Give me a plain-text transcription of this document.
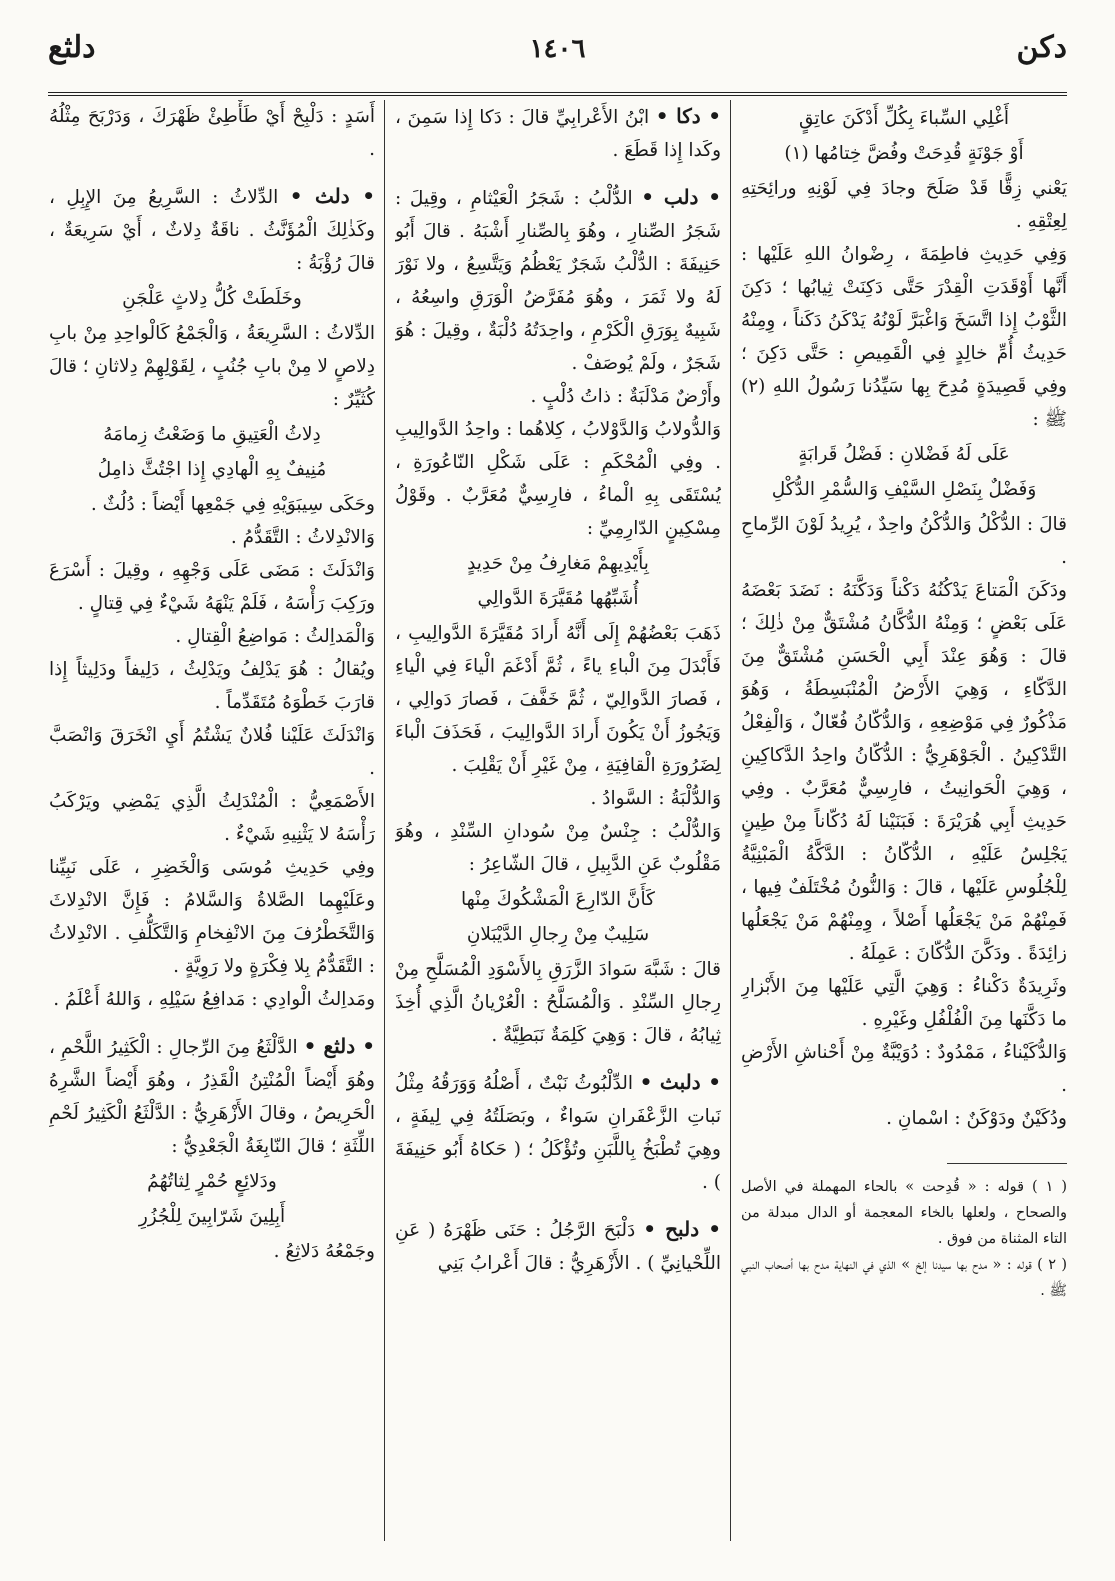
دكن
١٤٠٦
دلثع

أَغْلِي السِّباءَ بِكُلِّ أَدْكَنَ عاتِقٍ

أَوْ جَوْنَةٍ قُدِحَتْ وفُضَّ خِتامُها (١)

يَعْني زِقًّا قَدْ صَلَحَ وجادَ فِي لَوْنِهِ ورائِحَتِهِ لِعِتْقِهِ .

وَفِي حَدِيثِ فاطِمَةَ ، رِضْوانُ اللهِ عَلَيْها : أَنَّها أَوْقَدَتِ الْقِدْرَ حَتَّى دَكِنَتْ ثِيابُها ؛ دَكِنَ الثَّوْبُ إِذا اتَّسَخَ وَاغْبَرَّ لَوْنُهُ يَدْكَنُ دَكَناً ، وِمِنْهُ حَدِيثُ أُمِّ خالِدٍ فِي الْقَمِيصِ : حَتَّى دَكِنَ ؛ وفِي قَصِيدَةٍ مُدِحَ بِها سَيِّدُنا رَسُولُ اللهِ (٢) ﷺ :

عَلَى لَهُ فَضْلانِ : فَضْلُ قَرابَةٍ

وَفَضْلٌ بِنَصْلِ السَّيْفِ وَالسُّمْرِ الدُّكْلِ

قالَ : الدُّكْلُ وَالدُّكْنُ واحِدٌ ، يُرِيدُ لَوْنَ الرِّماحِ .

ودَكَنَ الْمَتاعَ يَدْكُنُهُ دَكْناً وَدَكَّنَهُ : نَضَدَ بَعْضَهُ عَلَى بَعْضٍ ؛ وَمِنْهُ الدُّكَّانُ مُشْتَقٌّ مِنْ ذٰلِكَ ؛ قالَ : وَهُوَ عِنْدَ أَبِي الْحَسَنِ مُشْتَقٌّ مِنَ الدَّكّاءِ ، وَهِيَ الأَرْضُ الْمُنْبَسِطَةُ ، وَهُوَ مَذْكُورٌ فِي مَوْضِعِهِ ، وَالدُّكّانُ فُعّالٌ ، وَالْفِعْلُ التَّدْكِينُ . الْجَوْهَرِيُّ : الدُّكّانُ واحِدُ الدَّكاكِينِ ، وَهِيَ الْحَوانِيتُ ، فارِسِيٌّ مُعَرَّبٌ . وفِي حَدِيثِ أَبِي هُرَيْرَةَ : فَبَنَيْنا لَهُ دُكّاناً مِنْ طِينٍ يَجْلِسُ عَلَيْهِ ، الدُّكّانُ : الدَّكَّةُ الْمَبْنِيَّةُ لِلْجُلُوسِ عَلَيْها ، قالَ : وَالنُّونُ مُخْتَلَفٌ فِيها ، فَمِنْهُمْ مَنْ يَجْعَلُها أَصْلاً ، وِمِنْهُمْ مَنْ يَجْعَلُها زائِدَةً . ودَكَّنَ الدُّكّانَ : عَمِلَهُ .

وثَرِيدَةٌ دَكْناءُ : وَهِيَ الَّتِي عَلَيْها مِنَ الأَبْزارِ ما دَكَّنَها مِنَ الْفُلْفُلِ وغَيْرِهِ .

وَالدُّكَيْناءُ ، مَمْدُودٌ : دُوَيْبَّةٌ مِنْ أَحْناشِ الأَرْضِ .

ودُكَيْنٌ ودَوْكَنٌ : اسْمانِ .

( ١ ) قوله : « قُدِحت » بالحاء المهملة في الأصل والصحاح ، ولعلها بالخاء المعجمة أو الدال مبدلة من التاء المثناة من فوق .

( ٢ ) قوله : « مدح بها سيدنا إلخ » الذي في النهاية مدح بها أصحاب النبي ﷺ .

• دكا • ابْنُ الأَعْرابِيِّ قالَ : دَكا إِذا سَمِنَ ، وكَدا إِذا قَطَعَ .

• دلب • الدُّلْبُ : شَجَرُ الْعَيْثامِ ، وقِيلَ : شَجَرُ الصِّنارِ ، وهُوَ بِالصِّنارِ أَشْبَهُ . قالَ أَبُو حَنِيفَةَ : الدُّلْبُ شَجَرٌ يَعْظُمُ وَيَتَّسِعُ ، ولا نَوْرَ لَهُ ولا ثَمَرَ ، وهُوَ مُفَرَّضُ الْوَرَقِ واسِعُهُ ، شَبِيهٌ بِوَرَقِ الْكَرْمِ ، واحِدَتُهُ دُلْبَةٌ ، وقِيلَ : هُوَ شَجَرٌ ، ولَمْ يُوصَفْ .

وأَرْضٌ مَدْلَبَةٌ : ذاتُ دُلْبٍ .

وَالدُّولابُ وَالدَّوْلابُ ، كِلاهُما : واحِدُ الدَّوالِيبِ . وفِي الْمُحْكَمِ : عَلَى شَكْلِ النّاعُورَةِ ، يُسْتَقَى بِهِ الْماءُ ، فارِسِيٌّ مُعَرَّبٌ . وقَوْلُ مِسْكِينٍ الدّارِمِيِّ :

بِأَيْدِيهِمْ مَغارِفُ مِنْ حَدِيدٍ

أُشَبِّهُها مُقَيَّرَةَ الدَّوالِي

ذَهَبَ بَعْضُهُمْ إِلَى أَنَّهُ أَرادَ مُقَيَّرَةَ الدَّوالِيبِ ، فَأَبْدَلَ مِنَ الْباءِ ياءً ، ثُمَّ أَدْغَمَ الْياءَ فِي الْياءِ ، فَصارَ الدَّوالِيّ ، ثُمَّ خَفَّفَ ، فَصارَ دَوالِي ، وَيَجُوزُ أَنْ يَكُونَ أَرادَ الدَّوالِيبَ ، فَحَذَفَ الْباءَ لِضَرُورَةِ الْقافِيَةِ ، مِنْ غَيْرِ أَنْ يَقْلِبَ .

وَالدُّلْبَةُ : السَّوادُ .

وَالدُّلْبُ : جِنْسٌ مِنْ سُودانِ السِّنْدِ ، وهُوَ مَقْلُوبٌ عَنِ الدَّبِيلِ ، قالَ الشّاعِرُ :

كَأَنَّ الدّارِعَ الْمَشْكُوكَ مِنْها

سَلِيبٌ مِنْ رِجالِ الدَّيْبَلانِ

قالَ : شَبَّهَ سَوادَ الزَّرَقِ بِالأَسْوَدِ الْمُسَلَّحِ مِنْ رِجالِ السِّنْدِ . وَالْمُسَلَّحُ : الْعُرْيانُ الَّذِي أُخِذَ ثِيابُهُ ، قالَ : وَهِيَ كَلِمَةٌ نَبَطِيَّةٌ .

• دلبث • الدِّلْبُوثُ نَبْتٌ ، أَصْلُهُ وَوَرَقُهُ مِثْلُ نَباتِ الزَّعْفَرانِ سَواءٌ ، وبَصَلَتُهُ فِي لِيفَةٍ ، وهِيَ تُطْبَخُ بِاللَّبَنِ وتُؤْكَلُ ؛ ( حَكاهُ أَبُو حَنِيفَةَ ) .

• دلبح • دَلْبَحَ الرَّجُلُ : حَنَى ظَهْرَهُ ( عَنِ اللِّحْيانِيِّ ) . الأَزْهَرِيُّ : قالَ أَعْرابُ بَنِي

أَسَدٍ : دَلْبِحْ أَيْ طَأْطِئْ ظَهْرَكَ ، وَدَرْبَحَ مِثْلُهُ .

• دلث • الدِّلاثُ : السَّرِيعُ مِنَ الإِبِلِ ، وكَذٰلِكَ الْمُؤَنَّثُ . ناقَةٌ دِلاثٌ ، أَيْ سَرِيعَةٌ ، قالَ رُؤْبَةُ :

وخَلَطَتْ كُلُّ دِلاثٍ عَلْجَنِ

الدِّلاثُ : السَّرِيعَةُ ، وَالْجَمْعُ كَالْواحِدِ مِنْ بابِ دِلاصٍ لا مِنْ بابِ جُنُبٍ ، لِقَوْلِهِمْ دِلاثانِ ؛ قالَ كُثَيِّرٌ :

دِلاثُ الْعَتِيقِ ما وَضَعْتُ زِمامَهُ

مُنِيفٌ بِهِ الْهادِي إِذا اجْتُثَّ ذامِلُ

وحَكَى سِيبَوَيْهِ فِي جَمْعِها أَيْضاً : دُلُثٌ .

وَالانْدِلاثُ : التَّقَدُّمُ .

وَانْدَلَثَ : مَضَى عَلَى وَجْهِهِ ، وقِيلَ : أَسْرَعَ ورَكِبَ رَأْسَهُ ، فَلَمْ يَنْهَهُ شَيْءٌ فِي قِتالٍ .

وَالْمَداِلثُ : مَواضِعُ الْقِتالِ .

ويُقالُ : هُوَ يَدْلِفُ ويَدْلِثُ ، دَلِيفاً ودَلِيثاً إِذا قارَبَ خَطْوَهُ مُتَقَدِّماً .

وَانْدَلَثَ عَلَيْنا فُلانٌ يَشْتُمُ أَيِ انْخَرَقَ وَانْصَبَّ .

الأَصْمَعِيُّ : الْمُنْدَلِثُ الَّذِي يَمْضِي ويَرْكَبُ رَأْسَهُ لا يَثْنِيهِ شَيْءٌ .

وفِي حَدِيثِ مُوسَى وَالْخَضِرِ ، عَلَى نَبِيِّنا وعَلَيْهِما الصَّلاةُ وَالسَّلامُ : فَإِنَّ الانْدِلاثَ وَالتَّخَطْرُفَ مِنَ الانْفِخامِ وَالتَّكَلُّفِ . الانْدِلاثُ : التَّقَدُّمُ بِلا فِكْرَةٍ ولا رَوِيَّةٍ .

ومَداِلثُ الْوادِي : مَدافِعُ سَيْلِهِ ، وَاللهُ أَعْلَمُ .

• دلثع • الدَّلْثَعُ مِنَ الرِّجالِ : الْكَثِيرُ اللَّحْمِ ، وهُوَ أَيْضاً الْمُنْتِنُ الْقَذِرُ ، وهُوَ أَيْضاً الشَّرِهُ الْحَرِيصُ ، وقالَ الأَزْهَرِيُّ : الدَّلْثَعُ الْكَثِيرُ لَحْمِ اللِّثَةِ ؛ قالَ النّابِغَةُ الْجَعْدِيُّ :

ودَلائِعٍ حُمْرٍ لِثاتُهُمُ

أَبِلِينَ شَرّابِينَ لِلْجُزُرِ

وجَمْعُهُ دَلاثِعُ .
